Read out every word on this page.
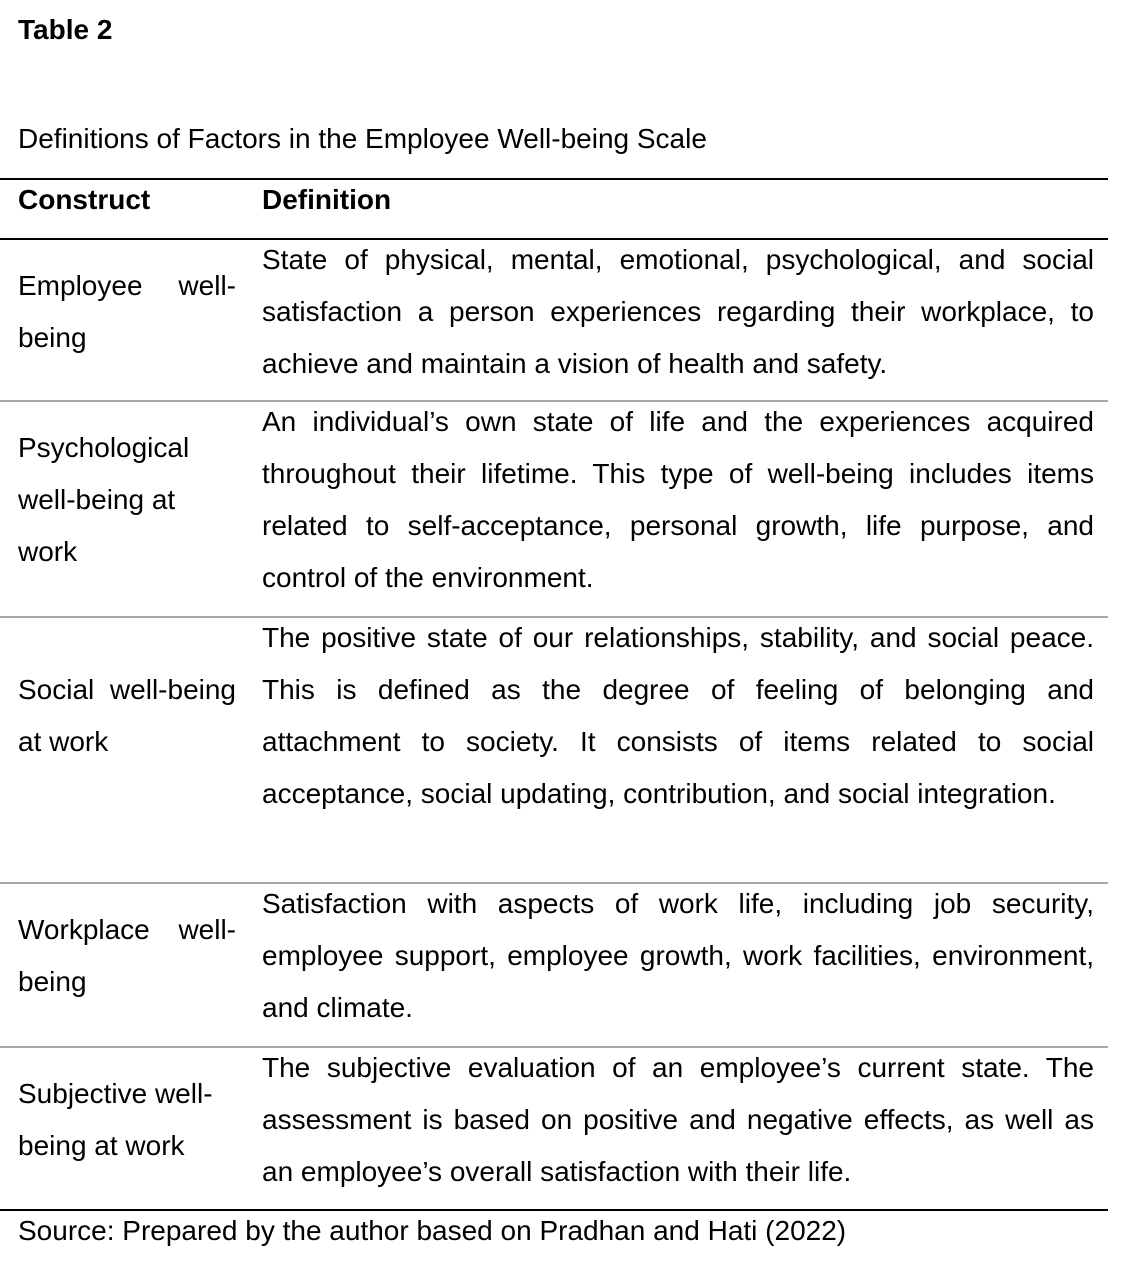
Table 2

Definitions of Factors in the Employee Well-being Scale

Construct	Definition
Employee well-being
State of physical, mental, emotional, psychological, and social satisfaction a person experiences regarding their workplace, to achieve and maintain a vision of health and safety.
Psychological well-being at work
An individual’s own state of life and the experiences acquired throughout their lifetime. This type of well-being includes items related to self-acceptance, personal growth, life purpose, and control of the environment.
Social well-being at work
The positive state of our relationships, stability, and social peace. This is defined as the degree of feeling of belonging and attachment to society. It consists of items related to social acceptance, social updating, contribution, and social integration.
Workplace well-being
Satisfaction with aspects of work life, including job security, employee support, employee growth, work facilities, environment, and climate.
Subjective well-being at work
The subjective evaluation of an employee’s current state. The assessment is based on positive and negative effects, as well as an employee’s overall satisfaction with their life.

Source: Prepared by the author based on Pradhan and Hati (2022)
